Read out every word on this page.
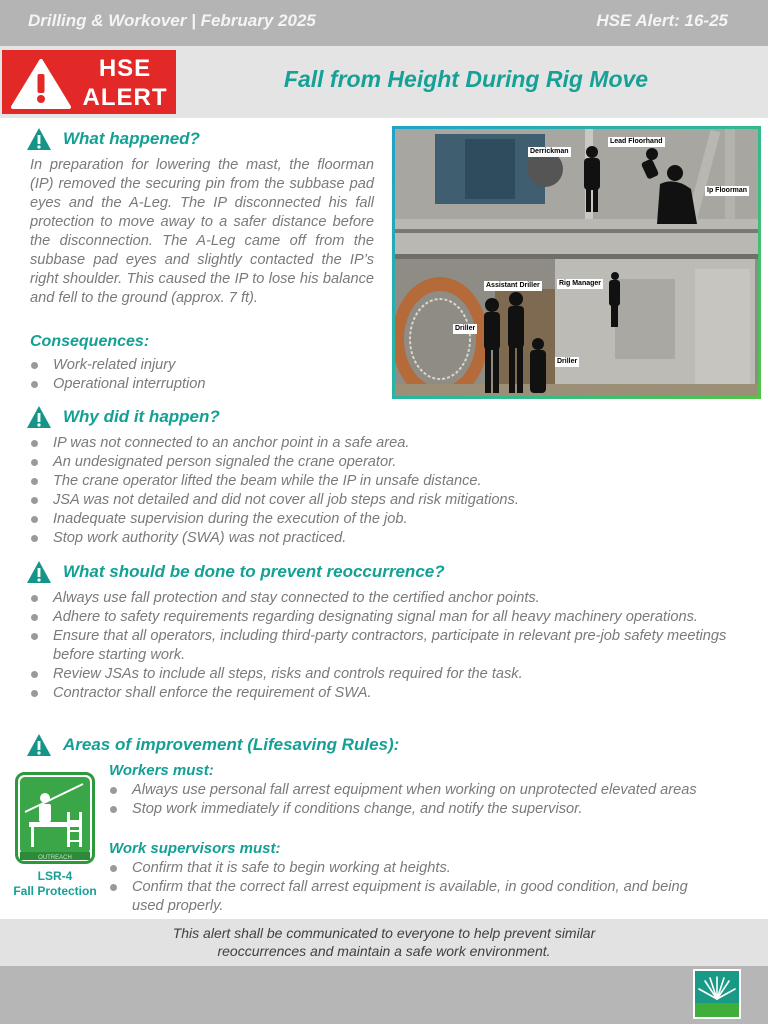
Drilling & Workover | February 2025	HSE Alert: 16-25
HSE
ALERT
Fall from Height During Rig Move
What happened?
In preparation for lowering the mast, the floorman (IP) removed the securing pin from the subbase pad eyes and the A-Leg. The IP disconnected his fall protection to move away to a safer distance before the disconnection. The A-Leg came off from the subbase pad eyes and slightly contacted the IP’s right shoulder. This caused the IP to lose his balance and fell to the ground (approx. 7 ft).
Consequences:
Work-related injury
Operational interruption
Derrickman
Lead Floorhand
Ip Floorman
Assistant Driller	Rig Manager
Driller
Driller
Why did it happen?
IP was not connected to an anchor point in a safe area.
An undesignated person signaled the crane operator.
The crane operator lifted the beam while the IP in unsafe distance.
JSA was not detailed and did not cover all job steps and risk mitigations.
Inadequate supervision during the execution of the job.
Stop work authority (SWA) was not practiced.
What should be done to prevent reoccurrence?
Always use fall protection and stay connected to the certified anchor points.
Adhere to safety requirements regarding designating signal man for all heavy machinery operations.
Ensure that all operators, including third-party contractors, participate in relevant pre-job safety meetings before starting work.
Review JSAs to include all steps, risks and controls required for the task.
Contractor shall enforce the requirement of SWA.
Areas of improvement (Lifesaving Rules):
OUTREACH
LSR-4
Fall Protection
Workers must:
Always use personal fall arrest equipment when working on unprotected elevated areas
Stop work immediately if conditions change, and notify the supervisor.
Work supervisors must:
Confirm that it is safe to begin working at heights.
Confirm that the correct fall arrest equipment is available, in good condition, and being used properly.
This alert shall be communicated to everyone to help prevent similar
reoccurrences and maintain a safe work environment.
